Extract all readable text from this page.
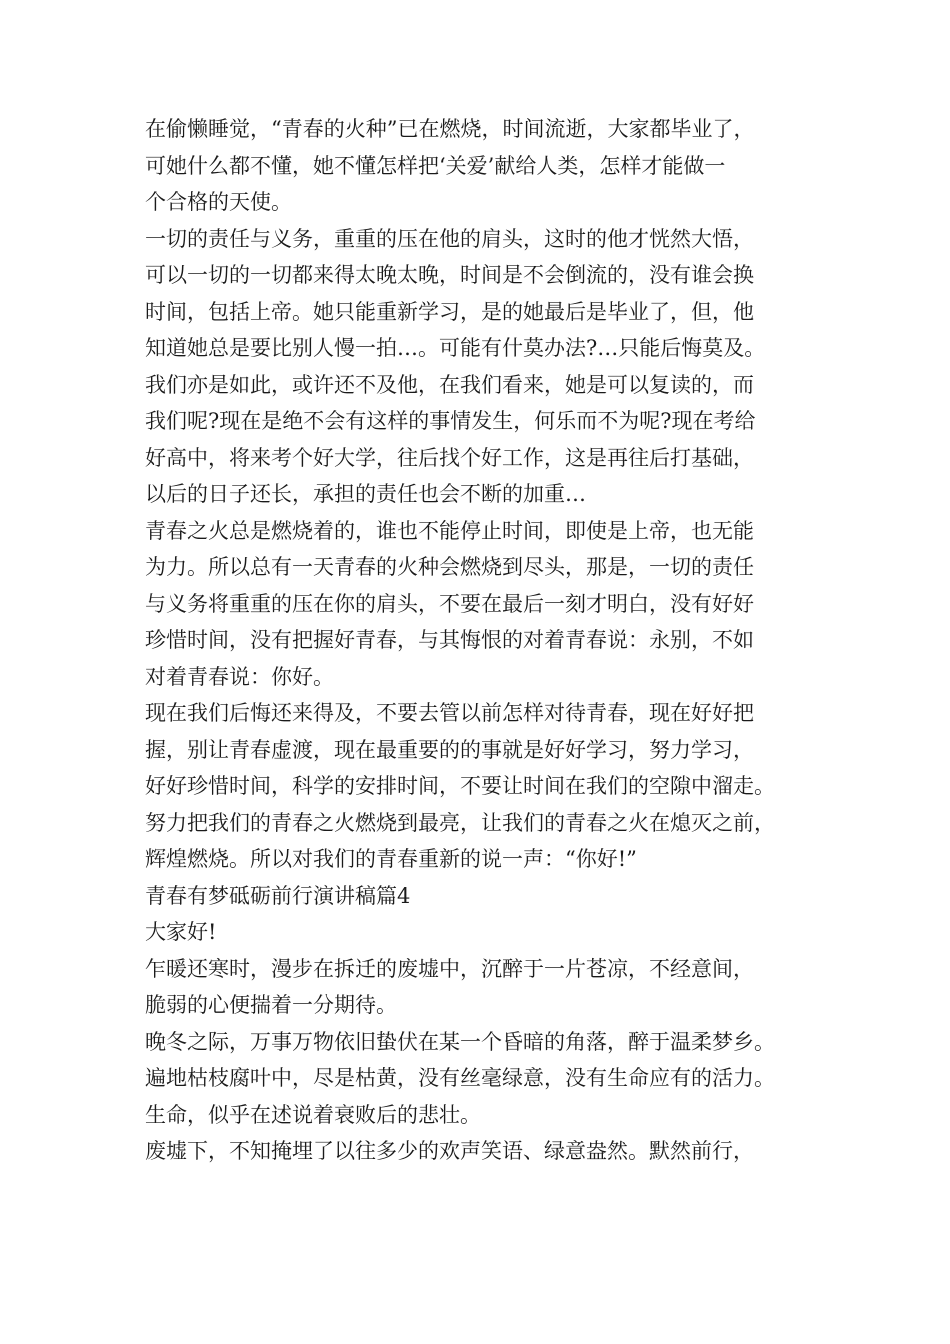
在偷懒睡觉，“青春的火种”已在燃烧，时间流逝，大家都毕业了，
可她什么都不懂，她不懂怎样把‘关爱’献给人类，怎样才能做一
个合格的天使。
一切的责任与义务，重重的压在他的肩头，这时的他才恍然大悟，
可以一切的一切都来得太晚太晚，时间是不会倒流的，没有谁会换
时间，包括上帝。她只能重新学习，是的她最后是毕业了，但，他
知道她总是要比别人慢一拍…。可能有什莫办法?…只能后悔莫及。
我们亦是如此，或许还不及他，在我们看来，她是可以复读的，而
我们呢?现在是绝不会有这样的事情发生，何乐而不为呢?现在考给
好高中，将来考个好大学，往后找个好工作，这是再往后打基础，
以后的日子还长，承担的责任也会不断的加重…
青春之火总是燃烧着的，谁也不能停止时间，即使是上帝，也无能
为力。所以总有一天青春的火种会燃烧到尽头，那是，一切的责任
与义务将重重的压在你的肩头，不要在最后一刻才明白，没有好好
珍惜时间，没有把握好青春，与其悔恨的对着青春说：永别，不如
对着青春说：你好。
现在我们后悔还来得及，不要去管以前怎样对待青春，现在好好把
握，别让青春虚渡，现在最重要的的事就是好好学习，努力学习，
好好珍惜时间，科学的安排时间，不要让时间在我们的空隙中溜走。
努力把我们的青春之火燃烧到最亮，让我们的青春之火在熄灭之前，
辉煌燃烧。所以对我们的青春重新的说一声：“你好!”
青春有梦砥砺前行演讲稿篇4
大家好!
乍暖还寒时，漫步在拆迁的废墟中，沉醉于一片苍凉，不经意间，
脆弱的心便揣着一分期待。
晚冬之际，万事万物依旧蛰伏在某一个昏暗的角落，醉于温柔梦乡。
遍地枯枝腐叶中，尽是枯黄，没有丝毫绿意，没有生命应有的活力。
生命，似乎在述说着衰败后的悲壮。
废墟下，不知掩埋了以往多少的欢声笑语、绿意盎然。默然前行，
